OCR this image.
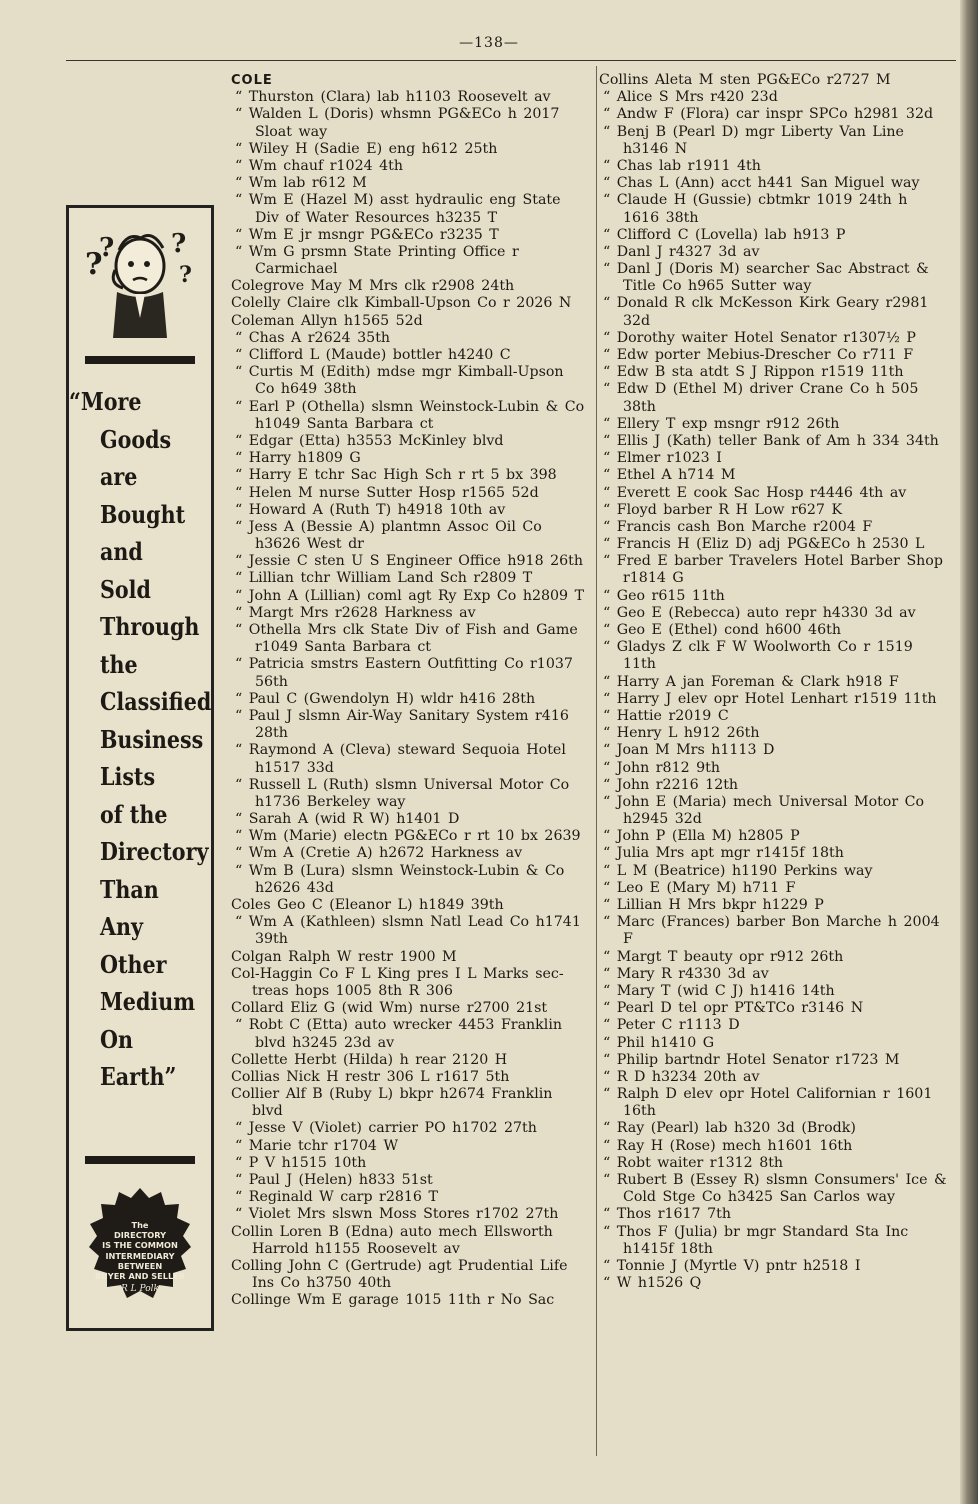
—138—
?
? ?
?
“More
Goods
are
Bought
and
Sold
Through
the
Classified
Business
Lists
of the
Directory
Than
Any
Other
Medium
On
Earth”
The
DIRECTORY
IS THE COMMON
INTERMEDIARY
BETWEEN
BUYER AND SELLER
R L Polk
COLE
“ Thurston (Clara) lab h1103 Roosevelt av
“ Walden L (Doris) whsmn PG&ECo h 2017 Sloat way
“ Wiley H (Sadie E) eng h612 25th
“ Wm chauf r1024 4th
“ Wm lab r612 M
“ Wm E (Hazel M) asst hydraulic eng State Div of Water Resources h3235 T
“ Wm E jr msngr PG&ECo r3235 T
“ Wm G prsmn State Printing Office r Carmichael
Colegrove May M Mrs clk r2908 24th
Colelly Claire clk Kimball-Upson Co r 2026 N
Coleman Allyn h1565 52d
“ Chas A r2624 35th
“ Clifford L (Maude) bottler h4240 C
“ Curtis M (Edith) mdse mgr Kimball-Upson Co h649 38th
“ Earl P (Othella) slsmn Weinstock-Lubin & Co h1049 Santa Barbara ct
“ Edgar (Etta) h3553 McKinley blvd
“ Harry h1809 G
“ Harry E tchr Sac High Sch r rt 5 bx 398
“ Helen M nurse Sutter Hosp r1565 52d
“ Howard A (Ruth T) h4918 10th av
“ Jess A (Bessie A) plantmn Assoc Oil Co h3626 West dr
“ Jessie C sten U S Engineer Office h918 26th
“ Lillian tchr William Land Sch r2809 T
“ John A (Lillian) coml agt Ry Exp Co h2809 T
“ Margt Mrs r2628 Harkness av
“ Othella Mrs clk State Div of Fish and Game r1049 Santa Barbara ct
“ Patricia smstrs Eastern Outfitting Co r1037 56th
“ Paul C (Gwendolyn H) wldr h416 28th
“ Paul J slsmn Air-Way Sanitary System r416 28th
“ Raymond A (Cleva) steward Sequoia Hotel h1517 33d
“ Russell L (Ruth) slsmn Universal Motor Co h1736 Berkeley way
“ Sarah A (wid R W) h1401 D
“ Wm (Marie) electn PG&ECo r rt 10 bx 2639
“ Wm A (Cretie A) h2672 Harkness av
“ Wm B (Lura) slsmn Weinstock-Lubin & Co h2626 43d
Coles Geo C (Eleanor L) h1849 39th
“ Wm A (Kathleen) slsmn Natl Lead Co h1741 39th
Colgan Ralph W restr 1900 M
Col-Haggin Co F L King pres I L Marks sec-treas hops 1005 8th R 306
Collard Eliz G (wid Wm) nurse r2700 21st
“ Robt C (Etta) auto wrecker 4453 Franklin blvd h3245 23d av
Collette Herbt (Hilda) h rear 2120 H
Collias Nick H restr 306 L r1617 5th
Collier Alf B (Ruby L) bkpr h2674 Franklin blvd
“ Jesse V (Violet) carrier PO h1702 27th
“ Marie tchr r1704 W
“ P V h1515 10th
“ Paul J (Helen) h833 51st
“ Reginald W carp r2816 T
“ Violet Mrs slswn Moss Stores r1702 27th
Collin Loren B (Edna) auto mech Ellsworth Harrold h1155 Roosevelt av
Colling John C (Gertrude) agt Prudential Life Ins Co h3750 40th
Collinge Wm E garage 1015 11th r No Sac
Collins Aleta M sten PG&ECo r2727 M
“ Alice S Mrs r420 23d
“ Andw F (Flora) car inspr SPCo h2981 32d
“ Benj B (Pearl D) mgr Liberty Van Line h3146 N
“ Chas lab r1911 4th
“ Chas L (Ann) acct h441 San Miguel way
“ Claude H (Gussie) cbtmkr 1019 24th h 1616 38th
“ Clifford C (Lovella) lab h913 P
“ Danl J r4327 3d av
“ Danl J (Doris M) searcher Sac Abstract & Title Co h965 Sutter way
“ Donald R clk McKesson Kirk Geary r2981 32d
“ Dorothy waiter Hotel Senator r1307½ P
“ Edw porter Mebius-Drescher Co r711 F
“ Edw B sta atdt S J Rippon r1519 11th
“ Edw D (Ethel M) driver Crane Co h 505 38th
“ Ellery T exp msngr r912 26th
“ Ellis J (Kath) teller Bank of Am h 334 34th
“ Elmer r1023 I
“ Ethel A h714 M
“ Everett E cook Sac Hosp r4446 4th av
“ Floyd barber R H Low r627 K
“ Francis cash Bon Marche r2004 F
“ Francis H (Eliz D) adj PG&ECo h 2530 L
“ Fred E barber Travelers Hotel Barber Shop r1814 G
“ Geo r615 11th
“ Geo E (Rebecca) auto repr h4330 3d av
“ Geo E (Ethel) cond h600 46th
“ Gladys Z clk F W Woolworth Co r 1519 11th
“ Harry A jan Foreman & Clark h918 F
“ Harry J elev opr Hotel Lenhart r1519 11th
“ Hattie r2019 C
“ Henry L h912 26th
“ Joan M Mrs h1113 D
“ John r812 9th
“ John r2216 12th
“ John E (Maria) mech Universal Motor Co h2945 32d
“ John P (Ella M) h2805 P
“ Julia Mrs apt mgr r1415f 18th
“ L M (Beatrice) h1190 Perkins way
“ Leo E (Mary M) h711 F
“ Lillian H Mrs bkpr h1229 P
“ Marc (Frances) barber Bon Marche h 2004 F
“ Margt T beauty opr r912 26th
“ Mary R r4330 3d av
“ Mary T (wid C J) h1416 14th
“ Pearl D tel opr PT&TCo r3146 N
“ Peter C r1113 D
“ Phil h1410 G
“ Philip bartndr Hotel Senator r1723 M
“ R D h3234 20th av
“ Ralph D elev opr Hotel Californian r 1601 16th
“ Ray (Pearl) lab h320 3d (Brodk)
“ Ray H (Rose) mech h1601 16th
“ Robt waiter r1312 8th
“ Rubert B (Essey R) slsmn Consumers' Ice & Cold Stge Co h3425 San Carlos way
“ Thos r1617 7th
“ Thos F (Julia) br mgr Standard Sta Inc h1415f 18th
“ Tonnie J (Myrtle V) pntr h2518 I
“ W h1526 Q
